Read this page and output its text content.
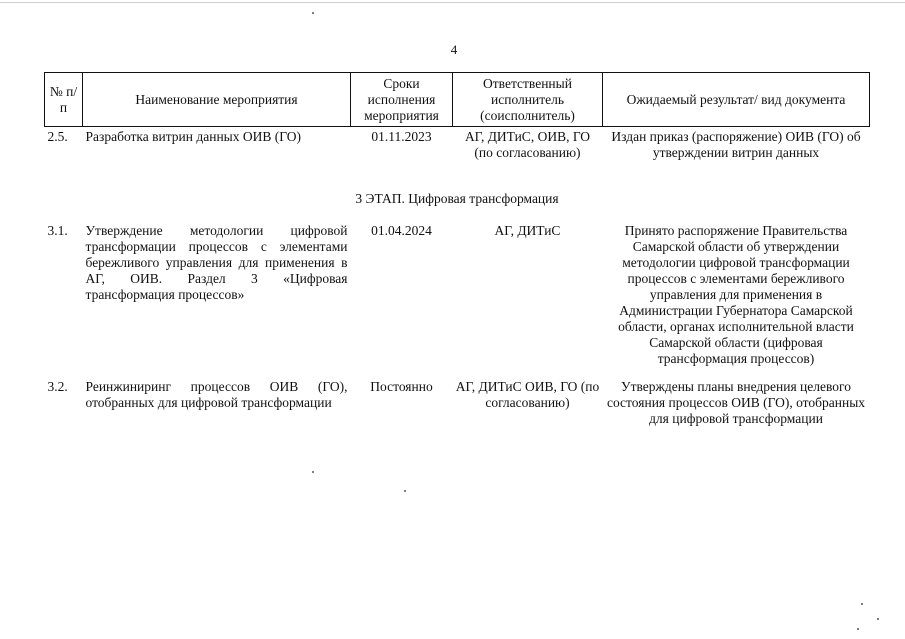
4
№ п/п	Наименование мероприятия	Сроки исполнения мероприятия	Ответственный исполнитель (соисполнитель)	Ожидаемый результат/ вид документа
2.5.	Разработка витрин данных ОИВ (ГО)	01.11.2023	АГ, ДИТиС, ОИВ, ГО (по согласованию)	Издан приказ (распоряжение) ОИВ (ГО) об утверждении витрин данных
3 ЭТАП. Цифровая трансформация				
3.1.	Утверждение методологии цифровой трансформации процессов с элементами бережливого управления для применения в АГ, ОИВ. Раздел 3 «Цифровая трансформация процессов»	01.04.2024	АГ, ДИТиС	Принято распоряжение Правительства Самарской области об утверждении методологии цифровой трансформации процессов с элементами бережливого управления для применения в Администрации Губернатора Самарской области, органах исполнительной власти Самарской области (цифровая трансформация процессов)
3.2.	Реинжиниринг процессов ОИВ (ГО), отобранных для цифровой трансформации	Постоянно	АГ, ДИТиС ОИВ, ГО (по согласованию)	Утверждены планы внедрения целевого состояния процессов ОИВ (ГО), отобранных для цифровой трансформации
